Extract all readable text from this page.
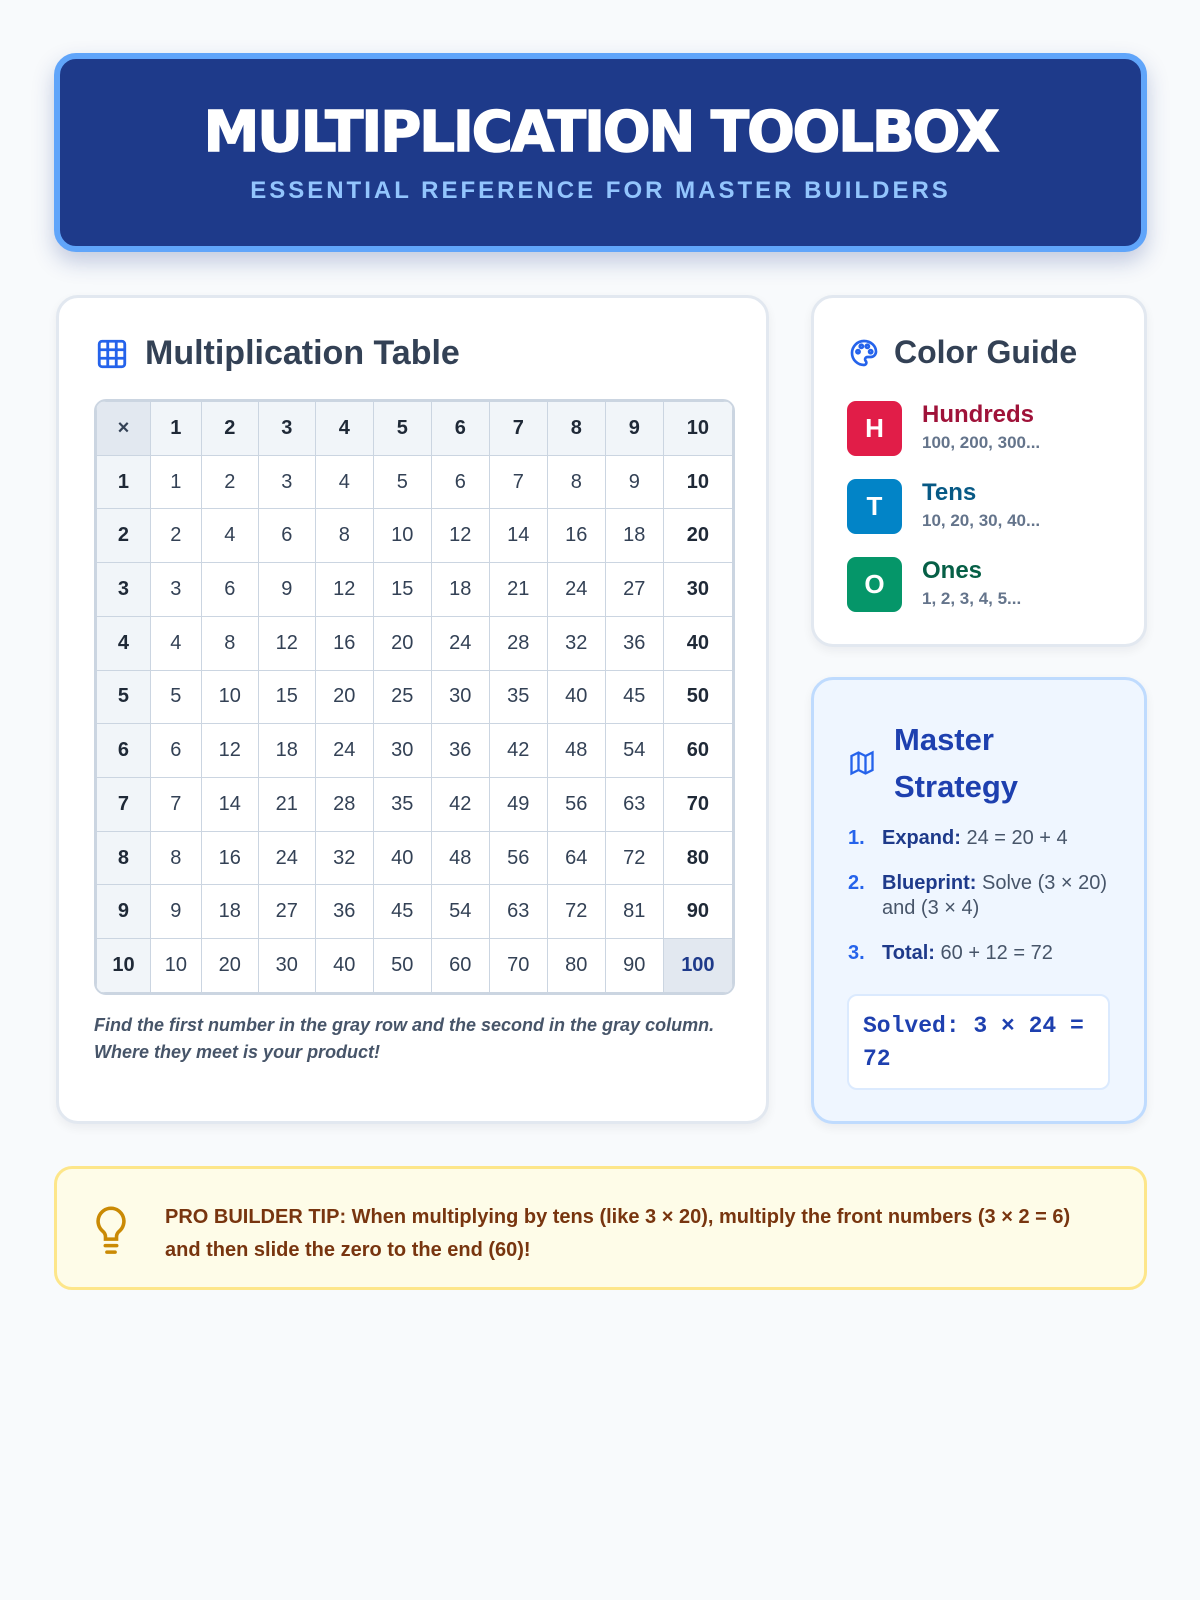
MULTIPLICATION TOOLBOX
ESSENTIAL REFERENCE FOR MASTER BUILDERS
Multiplication Table
×	1	2	3	4	5	6	7	8	9	10
1	1	2	3	4	5	6	7	8	9	10
2	2	4	6	8	10	12	14	16	18	20
3	3	6	9	12	15	18	21	24	27	30
4	4	8	12	16	20	24	28	32	36	40
5	5	10	15	20	25	30	35	40	45	50
6	6	12	18	24	30	36	42	48	54	60
7	7	14	21	28	35	42	49	56	63	70
8	8	16	24	32	40	48	56	64	72	80
9	9	18	27	36	45	54	63	72	81	90
10	10	20	30	40	50	60	70	80	90	100
Find the first number in the gray row and the second in the gray column. Where they meet is your product!
Color Guide
H	Hundreds
100, 200, 300...
T	Tens
10, 20, 30, 40...
O	Ones
1, 2, 3, 4, 5...
Master
Strategy
1. Expand: 24 = 20 + 4
2. Blueprint: Solve (3 × 20) and (3 × 4)
3. Total: 60 + 12 = 72
Solved: 3 × 24 = 72
PRO BUILDER TIP: When multiplying by tens (like 3 × 20), multiply the front numbers (3 × 2 = 6) and then slide the zero to the end (60)!
